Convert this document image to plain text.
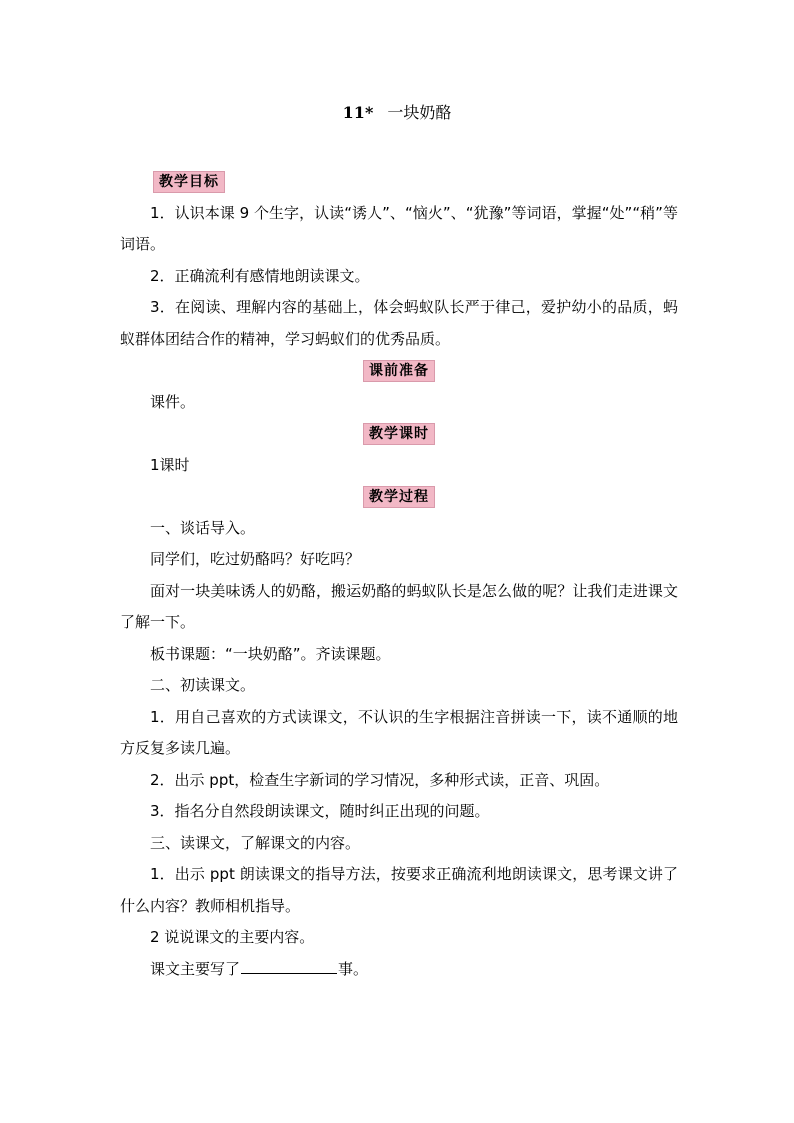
11* 一块奶酪
教学目标

1．认识本课 9 个生字，认读“诱人”、“恼火”、“犹豫”等词语，掌握“处”“稍”等词语。

2．正确流利有感情地朗读课文。

3．在阅读、理解内容的基础上，体会蚂蚁队长严于律己，爱护幼小的品质，蚂蚁群体团结合作的精神，学习蚂蚁们的优秀品质。

课前准备

课件。

教学课时

1课时

教学过程

一、谈话导入。

同学们，吃过奶酪吗？好吃吗？

面对一块美味诱人的奶酪，搬运奶酪的蚂蚁队长是怎么做的呢？让我们走进课文了解一下。

板书课题：“一块奶酪”。齐读课题。

二、初读课文。

1．用自己喜欢的方式读课文，不认识的生字根据注音拼读一下，读不通顺的地方反复多读几遍。

2．出示 ppt，检查生字新词的学习情况，多种形式读，正音、巩固。

3．指名分自然段朗读课文，随时纠正出现的问题。

三、读课文，了解课文的内容。

1．出示 ppt 朗读课文的指导方法，按要求正确流利地朗读课文，思考课文讲了什么内容？教师相机指导。

2 说说课文的主要内容。

课文主要写了	事。
